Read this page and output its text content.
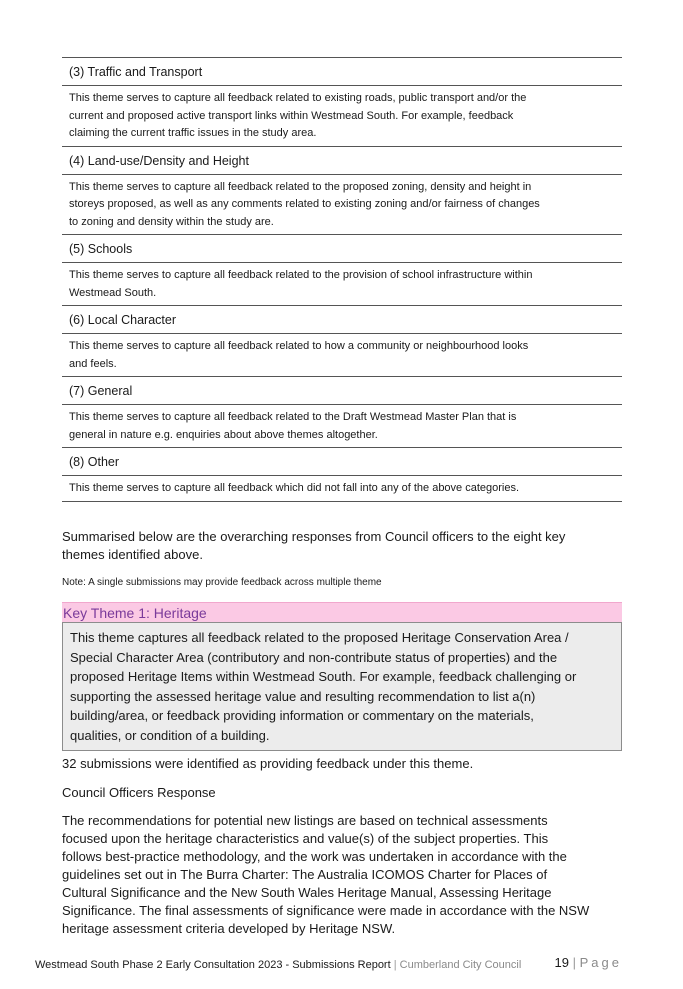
(3) Traffic and Transport
This theme serves to capture all feedback related to existing roads, public transport and/or the
current and proposed active transport links within Westmead South. For example, feedback
claiming the current traffic issues in the study area.
(4) Land-use/Density and Height
This theme serves to capture all feedback related to the proposed zoning, density and height in
storeys proposed, as well as any comments related to existing zoning and/or fairness of changes
to zoning and density within the study are.
(5) Schools
This theme serves to capture all feedback related to the provision of school infrastructure within
Westmead South.
(6) Local Character
This theme serves to capture all feedback related to how a community or neighbourhood looks
and feels.
(7) General
This theme serves to capture all feedback related to the Draft Westmead Master Plan that is
general in nature e.g. enquiries about above themes altogether.
(8) Other
This theme serves to capture all feedback which did not fall into any of the above categories.
Summarised below are the overarching responses from Council officers to the eight key
themes identified above.
Note: A single submissions may provide feedback across multiple theme
Key Theme 1: Heritage
This theme captures all feedback related to the proposed Heritage Conservation Area /
Special Character Area (contributory and non-contribute status of properties) and the
proposed Heritage Items within Westmead South. For example, feedback challenging or
supporting the assessed heritage value and resulting recommendation to list a(n)
building/area, or feedback providing information or commentary on the materials,
qualities, or condition of a building.
32 submissions were identified as providing feedback under this theme.
Council Officers Response
The recommendations for potential new listings are based on technical assessments
focused upon the heritage characteristics and value(s) of the subject properties. This
follows best-practice methodology, and the work was undertaken in accordance with the
guidelines set out in The Burra Charter: The Australia ICOMOS Charter for Places of
Cultural Significance and the New South Wales Heritage Manual, Assessing Heritage
Significance. The final assessments of significance were made in accordance with the NSW
heritage assessment criteria developed by Heritage NSW.
Westmead South Phase 2 Early Consultation 2023 - Submissions Report | Cumberland City Council	19 | Page
